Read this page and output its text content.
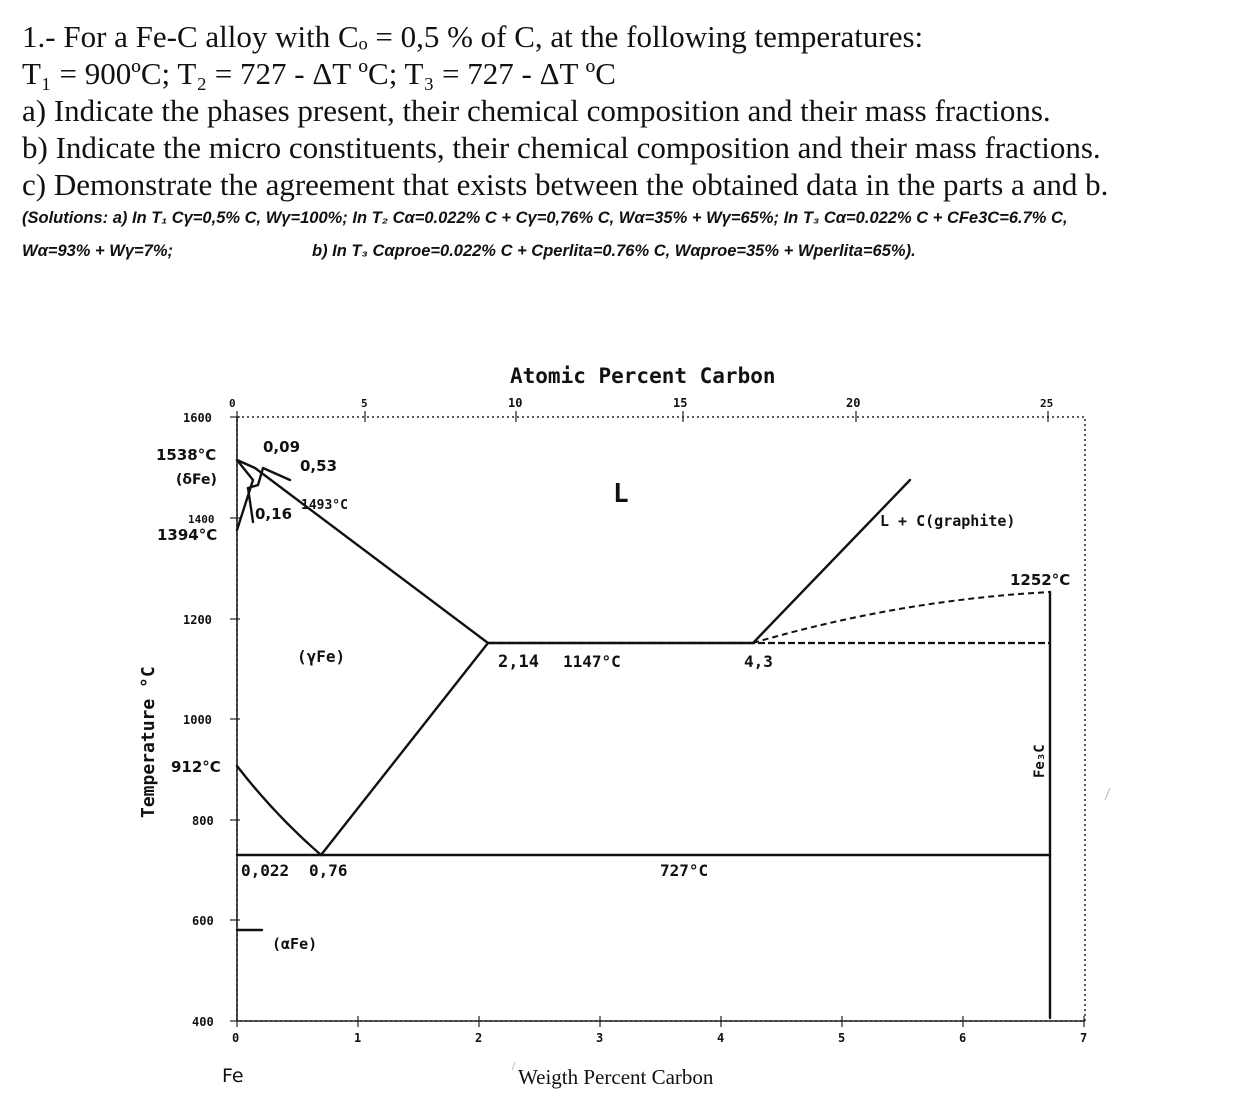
1.- For a Fe-C alloy with Cₒ = 0,5 % of C, at the following temperatures:
T₁ = 900ºC; T₂ = 727 - ΔT ºC; T₃ = 727 - ΔT ºC
a) Indicate the phases present, their chemical composition and their mass fractions.
b) Indicate the micro constituents, their chemical composition and their mass fractions.
c) Demonstrate the agreement that exists between the obtained data in the parts a and b.
(Solutions: a) In T₁ Cγ=0,5% C, Wγ=100%; In T₂ Cα=0.022% C + Cγ=0,76% C, Wα=35% + Wγ=65%; In T₃ Cα=0.022% C + CFe3C=6.7% C,
Wα=93% + Wγ=7%;	b) In T₃ Cαproe=0.022% C + Cperlita=0.76% C, Wαproe=35% + Wperlita=65%).
0	5	10	15	20	25
0	1	2	3	4	5	6	7
1600
1400
1200
1000
800
600
400
Atomic Percent Carbon
Weigth Percent Carbon
Temperature °C
1538°C
(δFe)
0,09
0,53
0,16 1493°C
1394°C
L
L + C(graphite)
1252°C
(γFe)	2,14 1147°C	4,3
912°C
0,022 0,76	727°C
(αFe)
Fe₃C
Fe
